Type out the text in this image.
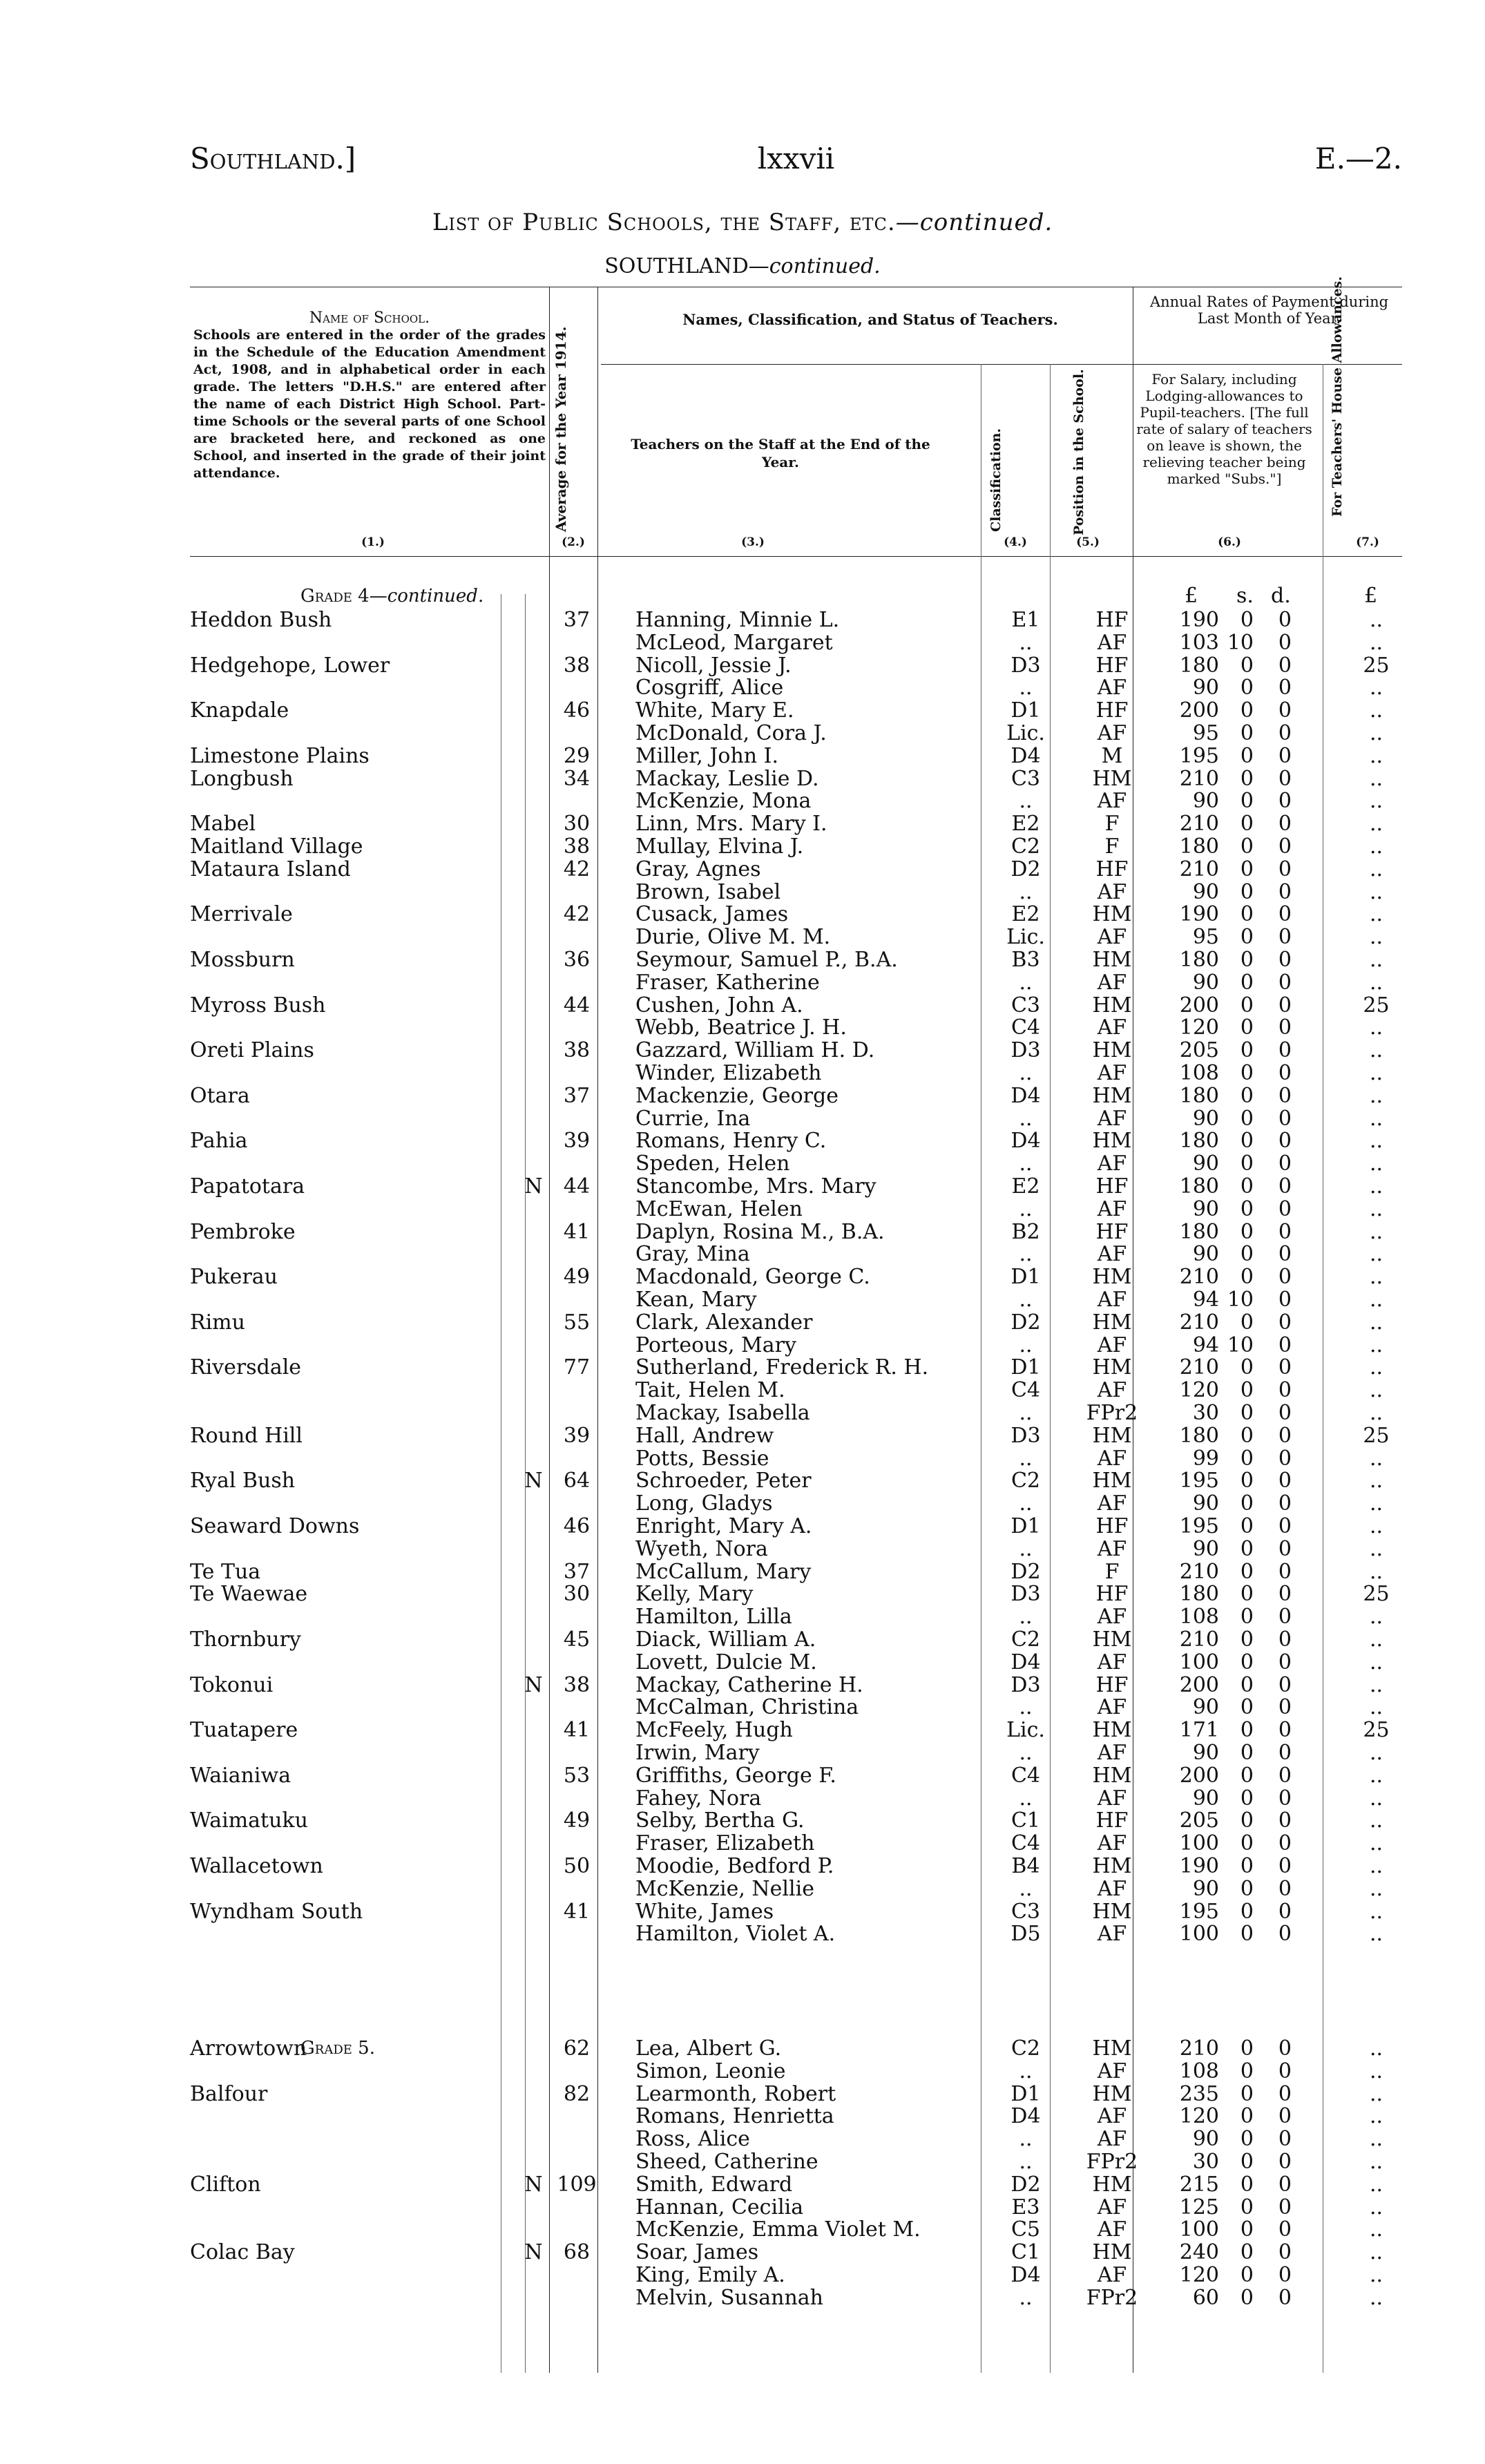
Southland.]	lxxvii	E.—2.
List of Public Schools, the Staff, etc.—continued.
SOUTHLAND—continued.
Name of School.
Schools are entered in the order of the grades in the Schedule of the Education Amendment Act, 1908, and in alphabetical order in each grade. The letters "D.H.S." are entered after the name of each District High School. Part-time Schools or the several parts of one School are bracketed here, and reckoned as one School, and inserted in the grade of their joint attendance.	Average for the Year 1914.
Names, Classification, and Status of Teachers.
Teachers on the Staff at the End of the Year.	Classification.	Position in the School.
Annual Rates of Payment during Last Month of Year.
For Salary, including Lodging-allowances to Pupil-teachers. [The full rate of salary of teachers on leave is shown, the relieving teacher being marked "Subs."]	For Teachers' House Allowances.
(1.)	(2.)	(3.)	(4.)	(5.)	(6.)	(7.)
Grade 4—continued.	£ s. d.	£
Heddon Bush	37	Hanning, Minnie L.	E1	HF	190	0	0	..
McLeod, Margaret	..	AF	103 10	0	..
Hedgehope, Lower	38	Nicoll, Jessie J.	D3	HF	180	0	0	25
Cosgriff, Alice	..	AF	90	0	0	..
Knapdale	46	White, Mary E.	D1	HF	200	0	0	..
McDonald, Cora J.	Lic.	AF	95	0	0	..
Limestone Plains	29	Miller, John I.	D4	M	195	0	0	..
Longbush	34	Mackay, Leslie D.	C3	HM	210	0	0	..
McKenzie, Mona	..	AF	90	0	0	..
Mabel	30	Linn, Mrs. Mary I.	E2	F	210	0	0	..
Maitland Village	38	Mullay, Elvina J.	C2	F	180	0	0	..
Mataura Island	42	Gray, Agnes	D2	HF	210	0	0	..
Brown, Isabel	..	AF	90	0	0	..
Merrivale	42	Cusack, James	E2	HM	190	0	0	..
Durie, Olive M. M.	Lic.	AF	95	0	0	..
Mossburn	36	Seymour, Samuel P., B.A.	B3	HM	180	0	0	..
Fraser, Katherine	..	AF	90	0	0	..
Myross Bush	44	Cushen, John A.	C3	HM	200	0	0	25
Webb, Beatrice J. H.	C4	AF	120	0	0	..
Oreti Plains	38	Gazzard, William H. D.	D3	HM	205	0	0	..
Winder, Elizabeth	..	AF	108	0	0	..
Otara	37	Mackenzie, George	D4	HM	180	0	0	..
Currie, Ina	..	AF	90	0	0	..
Pahia	39	Romans, Henry C.	D4	HM	180	0	0	..
Speden, Helen	..	AF	90	0	0	..
Papatotara	N	44	Stancombe, Mrs. Mary	E2	HF	180	0	0	..
McEwan, Helen	..	AF	90	0	0	..
Pembroke	41	Daplyn, Rosina M., B.A.	B2	HF	180	0	0	..
Gray, Mina	..	AF	90	0	0	..
Pukerau	49	Macdonald, George C.	D1	HM	210	0	0	..
Kean, Mary	..	AF	94 10	0	..
Rimu	55	Clark, Alexander	D2	HM	210	0	0	..
Porteous, Mary	..	AF	94 10	0	..
Riversdale	77	Sutherland, Frederick R. H.	D1	HM	210	0	0	..
Tait, Helen M.	C4	AF	120	0	0	..
Mackay, Isabella	..	FPr2	30	0	0	..
Round Hill	39	Hall, Andrew	D3	HM	180	0	0	25
Potts, Bessie	..	AF	99	0	0	..
Ryal Bush	N	64	Schroeder, Peter	C2	HM	195	0	0	..
Long, Gladys	..	AF	90	0	0	..
Seaward Downs	46	Enright, Mary A.	D1	HF	195	0	0	..
Wyeth, Nora	..	AF	90	0	0	..
Te Tua	37	McCallum, Mary	D2	F	210	0	0	..
Te Waewae	30	Kelly, Mary	D3	HF	180	0	0	25
Hamilton, Lilla	..	AF	108	0	0	..
Thornbury	45	Diack, William A.	C2	HM	210	0	0	..
Lovett, Dulcie M.	D4	AF	100	0	0	..
Tokonui	N	38	Mackay, Catherine H.	D3	HF	200	0	0	..
McCalman, Christina	..	AF	90	0	0	..
Tuatapere	41	McFeely, Hugh	Lic.	HM	171	0	0	25
Irwin, Mary	..	AF	90	0	0	..
Waianiwa	53	Griffiths, George F.	C4	HM	200	0	0	..
Fahey, Nora	..	AF	90	0	0	..
Waimatuku	49	Selby, Bertha G.	C1	HF	205	0	0	..
Fraser, Elizabeth	C4	AF	100	0	0	..
Wallacetown	50	Moodie, Bedford P.	B4	HM	190	0	0	..
McKenzie, Nellie	..	AF	90	0	0	..
Wyndham South	41	White, James	C3	HM	195	0	0	..
Hamilton, Violet A.	D5	AF	100	0	0	..
Grade 5.
Arrowtown	62	Lea, Albert G.	C2	HM	210	0	0	..
Simon, Leonie	..	AF	108	0	0	..
Balfour	82	Learmonth, Robert	D1	HM	235	0	0	..
Romans, Henrietta	D4	AF	120	0	0	..
Ross, Alice	..	AF	90	0	0	..
Sheed, Catherine	..	FPr2	30	0	0	..
Clifton	N 109	Smith, Edward	D2	HM	215	0	0	..
Hannan, Cecilia	E3	AF	125	0	0	..
McKenzie, Emma Violet M.	C5	AF	100	0	0	..
Colac Bay	N	68	Soar, James	C1	HM	240	0	0	..
King, Emily A.	D4	AF	120	0	0	..
Melvin, Susannah	..	FPr2	60	0	0	..
